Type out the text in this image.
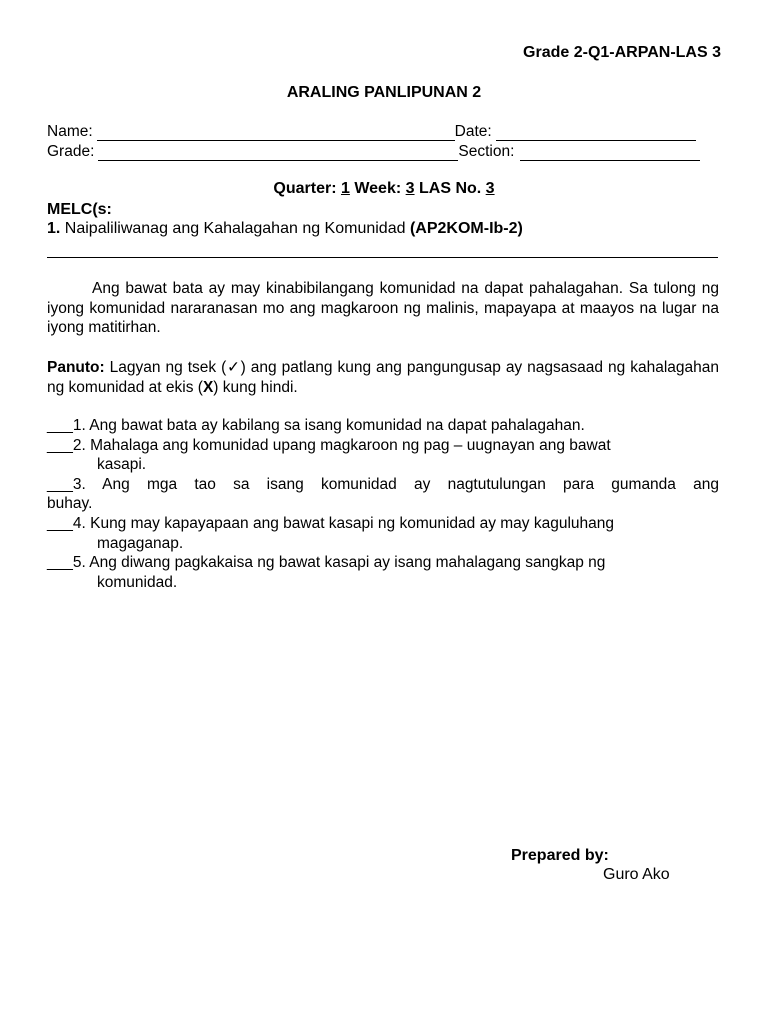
Grade 2-Q1-ARPAN-LAS 3
ARALING PANLIPUNAN 2
Name:	Date:
Grade:	Section:
Quarter: 1 Week: 3 LAS No. 3
MELC(s:
1. Naipaliliwanag ang Kahalagahan ng Komunidad (AP2KOM-Ib-2)
Ang bawat bata ay may kinabibilangang komunidad na dapat pahalagahan. Sa tulong ng iyong komunidad nararanasan mo ang magkaroon ng malinis, mapayapa at maayos na lugar na iyong matitirhan.
Panuto: Lagyan ng tsek (✓) ang patlang kung ang pangungusap ay nagsasaad ng kahalagahan ng komunidad at ekis (X) kung hindi.
___1. Ang bawat bata ay kabilang sa isang komunidad na dapat pahalagahan.
___2. Mahalaga ang komunidad upang magkaroon ng pag – uugnayan ang bawat
kasapi.
___3. Ang mga tao sa isang komunidad ay nagtutulungan para gumanda ang
buhay.
___4. Kung may kapayapaan ang bawat kasapi ng komunidad ay may kaguluhang
magaganap.
___5. Ang diwang pagkakaisa ng bawat kasapi ay isang mahalagang sangkap ng
komunidad.
Prepared by:
Guro Ako
